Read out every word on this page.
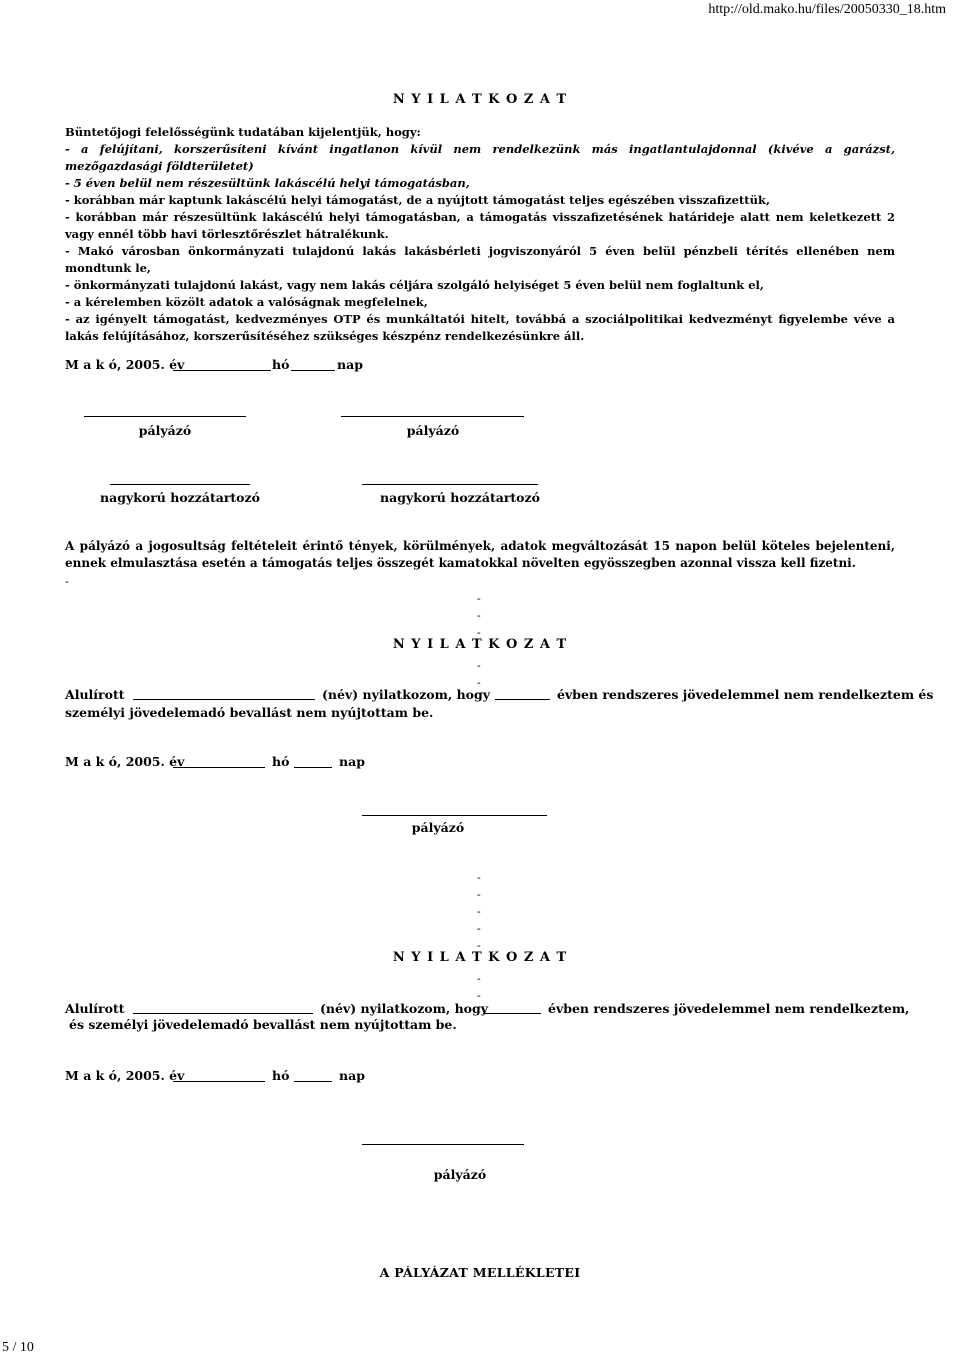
http://old.mako.hu/files/20050330_18.htm
N Y I L A T K O Z A T

Büntetőjogi felelősségünk tudatában kijelentjük, hogy:

- a felújítani, korszerűsíteni kívánt ingatlanon kívül nem rendelkezünk más ingatlantulajdonnal (kivéve a garázst, mezőgazdasági földterületet)

- 5 éven belül nem részesültünk lakáscélú helyi támogatásban,

- korábban már kaptunk lakáscélú helyi támogatást, de a nyújtott támogatást teljes egészében visszafizettük,

- korábban már részesültünk lakáscélú helyi támogatásban, a támogatás visszafizetésének határideje alatt nem keletkezett 2 vagy ennél több havi törlesztőrészlet hátralékunk.

- Makó városban önkormányzati tulajdonú lakás lakásbérleti jogviszonyáról 5 éven belül pénzbeli térítés ellenében nem mondtunk le,

- önkormányzati tulajdonú lakást, vagy nem lakás céljára szolgáló helyiséget 5 éven belül nem foglaltunk el,

- a kérelemben közölt adatok a valóságnak megfelelnek,

- az igényelt támogatást, kedvezményes OTP és munkáltatói hitelt, továbbá a szociálpolitikai kedvezményt figyelembe véve a lakás felújításához, korszerűsítéséhez szükséges készpénz rendelkezésünkre áll.

M a k ó, 2005. év	hó	nap
pályázó	pályázó
nagykorú hozzátartozó	nagykorú hozzátartozó
A pályázó a jogosultság feltételeit érintő tények, körülmények, adatok megváltozását 15 napon belül köteles bejelenteni, ennek elmulasztása esetén a támogatás teljes összegét kamatokkal növelten egyösszegben azonnal vissza kell fizetni.
-
-
-
-
N Y I L A T K O Z A T
-
-
Alulírott	(név) nyilatkozom, hogy	évben rendszeres jövedelemmel nem rendelkeztem és
személyi jövedelemadó bevallást nem nyújtottam be.
M a k ó, 2005. év	hó	nap
pályázó
-
-
-
-
-
N Y I L A T K O Z A T
-
-
Alulírott	(név) nyilatkozom, hogy	évben rendszeres jövedelemmel nem rendelkeztem,
és személyi jövedelemadó bevallást nem nyújtottam be.
M a k ó, 2005. év	hó	nap
pályázó
A PÁLYÁZAT MELLÉKLETEI
5 / 10
